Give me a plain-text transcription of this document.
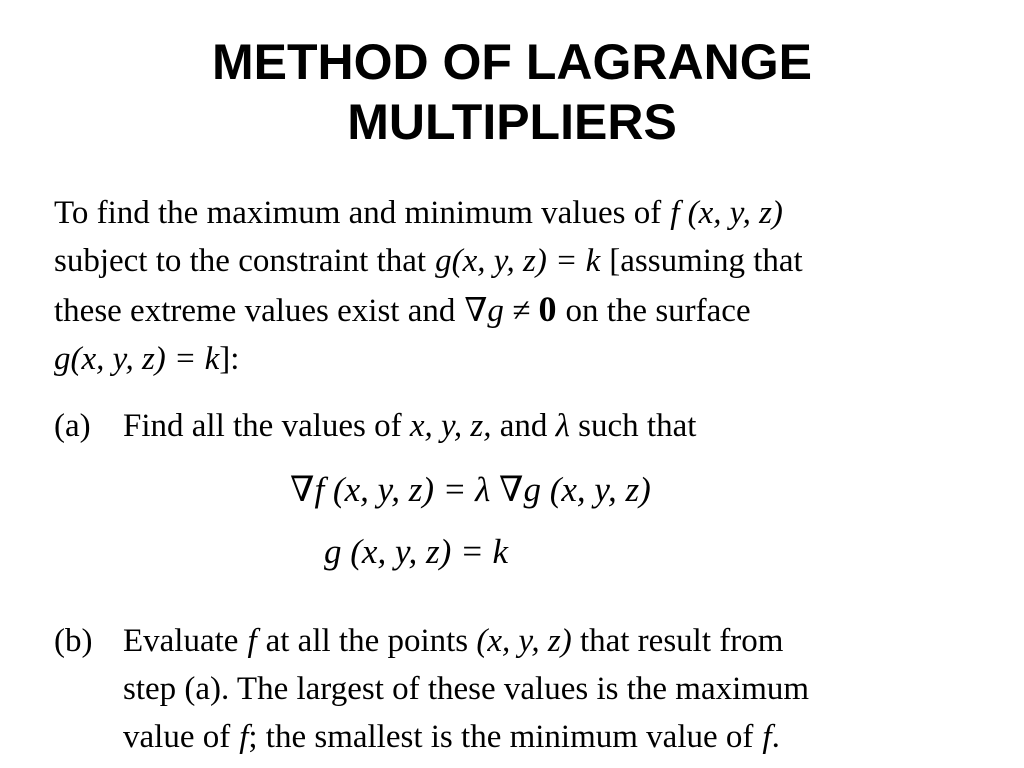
METHOD OF LAGRANGE
MULTIPLIERS
To find the maximum and minimum values of f (x, y, z)
subject to the constraint that g(x, y, z) = k [assuming that
these extreme values exist and ∇g ≠ 0 on the surface
g(x, y, z) = k]:
(a) Find all the values of x, y, z, and λ such that
∇f (x, y, z) = λ ∇g (x, y, z)
g (x, y, z) = k
(b) Evaluate f at all the points (x, y, z) that result from
step (a). The largest of these values is the maximum
value of f; the smallest is the minimum value of f.
